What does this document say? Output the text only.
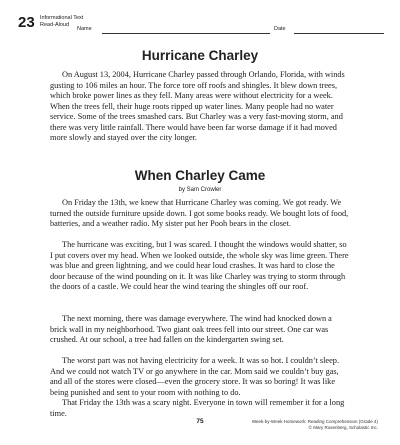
23 Informational Text
Read-Aloud
Name	Date
Hurricane Charley

On August 13, 2004, Hurricane Charley passed through Orlando, Florida, with winds gusting to 106 miles an hour. The force tore off roofs and shingles. It blew down trees, which broke power lines as they fell. Many areas were without electricity for a week. When the trees fell, their huge roots ripped up water lines. Many people had no water service. Some of the trees smashed cars. But Charley was a very fast-moving storm, and there was very little rainfall. There would have been far worse damage if it had moved more slowly and stayed over the city longer.

When Charley Came
by Sam Crowler

On Friday the 13th, we knew that Hurricane Charley was coming. We got ready. We turned the outside furniture upside down. I got some books ready. We bought lots of food, batteries, and a weather radio. My sister put her Pooh bears in the closet.

The hurricane was exciting, but I was scared. I thought the windows would shatter, so I put covers over my head. When we looked outside, the whole sky was lime green. There was blue and green lightning, and we could hear loud crashes. It was hard to close the door because of the wind pounding on it. It was like Charley was trying to storm through the doors of a castle. We could hear the wind tearing the shingles off our roof.

The next morning, there was damage everywhere. The wind had knocked down a brick wall in my neighborhood. Two giant oak trees fell into our street. One car was crushed. At our school, a tree had fallen on the kindergarten swing set.

The worst part was not having electricity for a week. It was so hot. I couldn’t sleep. And we could not watch TV or go anywhere in the car. Mom said we couldn’t buy gas, and all of the stores were closed—even the grocery store. It was so boring! It was like being punished and sent to your room with nothing to do.

That Friday the 13th was a scary night. Everyone in town will remember it for a long time.

75	Week-by-Week Homework: Reading Comprehension (Grade 4)
© Mary Rosenberg, Scholastic Inc.
